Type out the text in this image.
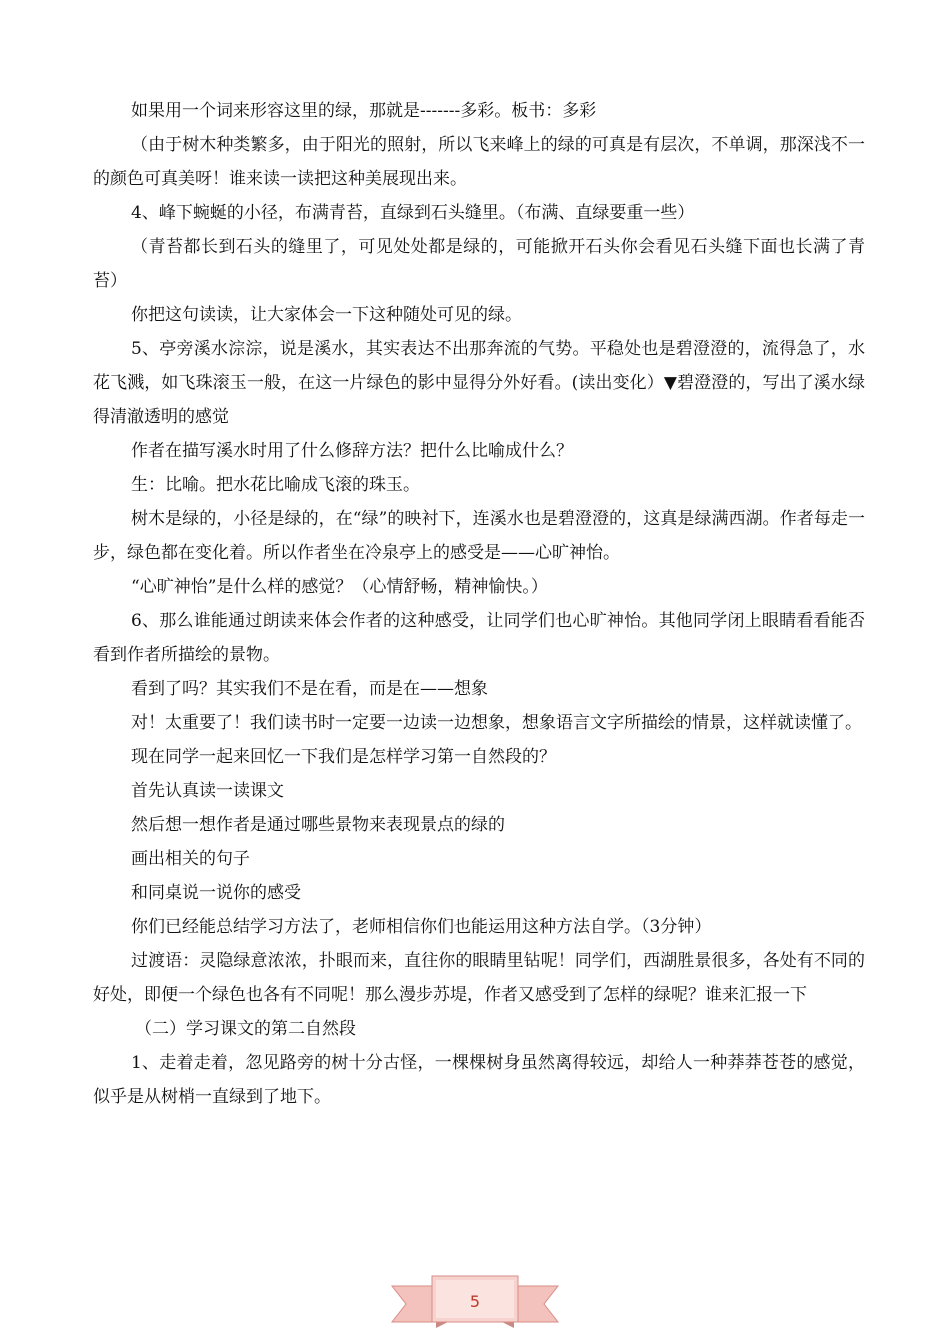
如果用一个词来形容这里的绿，那就是-------多彩。板书：多彩

（由于树木种类繁多，由于阳光的照射，所以飞来峰上的绿的可真是有层次，不单调，那深浅不一的颜色可真美呀！谁来读一读把这种美展现出来。

4、峰下蜿蜒的小径，布满青苔，直绿到石头缝里。（布满、直绿要重一些）

（青苔都长到石头的缝里了，可见处处都是绿的，可能掀开石头你会看见石头缝下面也长满了青苔）

你把这句读读，让大家体会一下这种随处可见的绿。

5、亭旁溪水淙淙，说是溪水，其实表达不出那奔流的气势。平稳处也是碧澄澄的，流得急了，水花飞溅，如飞珠滚玉一般，在这一片绿色的影中显得分外好看。(读出变化）▼碧澄澄的，写出了溪水绿得清澈透明的感觉

作者在描写溪水时用了什么修辞方法？把什么比喻成什么？

生：比喻。把水花比喻成飞滚的珠玉。

树木是绿的，小径是绿的，在“绿”的映衬下，连溪水也是碧澄澄的，这真是绿满西湖。作者每走一步，绿色都在变化着。所以作者坐在冷泉亭上的感受是——心旷神怡。

“心旷神怡”是什么样的感觉？（心情舒畅，精神愉快。）

6、那么谁能通过朗读来体会作者的这种感受，让同学们也心旷神怡。其他同学闭上眼睛看看能否看到作者所描绘的景物。

看到了吗？其实我们不是在看，而是在——想象

对！太重要了！我们读书时一定要一边读一边想象，想象语言文字所描绘的情景，这样就读懂了。

现在同学一起来回忆一下我们是怎样学习第一自然段的？

首先认真读一读课文

然后想一想作者是通过哪些景物来表现景点的绿的

画出相关的句子

和同桌说一说你的感受

你们已经能总结学习方法了，老师相信你们也能运用这种方法自学。（3分钟）

过渡语：灵隐绿意浓浓，扑眼而来，直往你的眼睛里钻呢！同学们，西湖胜景很多，各处有不同的好处，即便一个绿色也各有不同呢！那么漫步苏堤，作者又感受到了怎样的绿呢？谁来汇报一下

（二）学习课文的第二自然段

1、走着走着，忽见路旁的树十分古怪，一棵棵树身虽然离得较远，却给人一种莽莽苍苍的感觉，似乎是从树梢一直绿到了地下。

5
